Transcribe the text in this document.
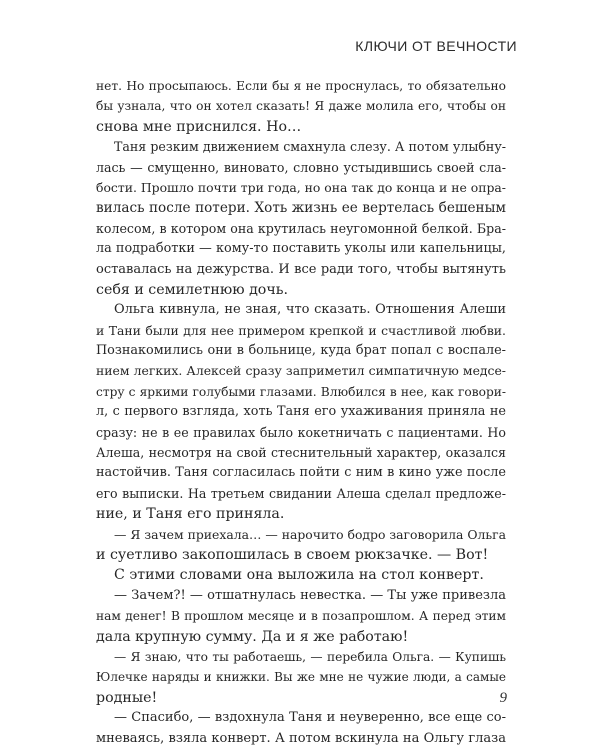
КЛЮЧИ ОТ ВЕЧНОСТИ
нет. Но просыпаюсь. Если бы я не проснулась, то обязательно
бы узнала, что он хотел сказать! Я даже молила его, чтобы он
снова мне приснился. Но…
Таня резким движением смахнула слезу. А потом улыбну-
лась — смущенно, виновато, словно устыдившись своей сла-
бости. Прошло почти три года, но она так до конца и не опра-
вилась после потери. Хоть жизнь ее вертелась бешеным
колесом, в котором она крутилась неугомонной белкой. Бра-
ла подработки — кому-то поставить уколы или капельницы,
оставалась на дежурства. И все ради того, чтобы вытянуть
себя и семилетнюю дочь.
Ольга кивнула, не зная, что сказать. Отношения Алеши
и Тани были для нее примером крепкой и счастливой любви.
Познакомились они в больнице, куда брат попал с воспале-
нием легких. Алексей сразу заприметил симпатичную медсе-
стру с яркими голубыми глазами. Влюбился в нее, как говори-
л, с первого взгляда, хоть Таня его ухаживания приняла не
сразу: не в ее правилах было кокетничать с пациентами. Но
Алеша, несмотря на свой стеснительный характер, оказался
настойчив. Таня согласилась пойти с ним в кино уже после
его выписки. На третьем свидании Алеша сделал предложе-
ние, и Таня его приняла.
— Я зачем приехала… — нарочито бодро заговорила Ольга
и суетливо закопошилась в своем рюкзачке. — Вот!
С этими словами она выложила на стол конверт.
— Зачем?! — отшатнулась невестка. — Ты уже привезла
нам денег! В прошлом месяце и в позапрошлом. А перед этим
дала крупную сумму. Да и я же работаю!
— Я знаю, что ты работаешь, — перебила Ольга. — Купишь
Юлечке наряды и книжки. Вы же мне не чужие люди, а самые
родные!
— Спасибо, — вздохнула Таня и неуверенно, все еще со-
мневаясь, взяла конверт. А потом вскинула на Ольгу глаза
9
